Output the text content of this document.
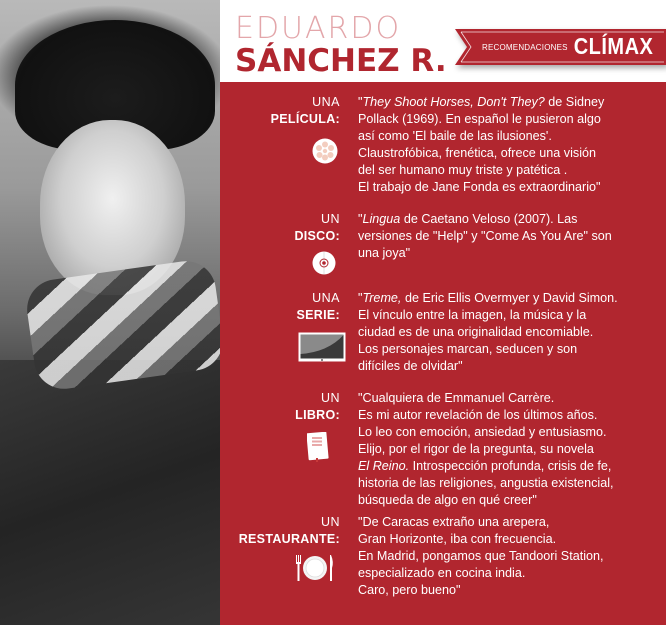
EDUARDO
SÁNCHEZ R.	RECOMENDACIONES CLÍMAX
UNA
PELÍCULA:
"They Shoot Horses, Don't They? de Sidney
Pollack (1969). En español le pusieron algo
así como 'El baile de las ilusiones'.
Claustrofóbica, frenética, ofrece una visión
del ser humano muy triste y patética .
El trabajo de Jane Fonda es extraordinario"
UN
DISCO:
"Lingua de Caetano Veloso (2007). Las
versiones de "Help" y "Come As You Are" son
una joya"
UNA
SERIE:
"Treme, de Eric Ellis Overmyer y David Simon.
El vínculo entre la imagen, la música y la
ciudad es de una originalidad encomiable.
Los personajes marcan, seducen y son
difíciles de olvidar"
UN
LIBRO:
"Cualquiera de Emmanuel Carrère.
Es mi autor revelación de los últimos años.
Lo leo con emoción, ansiedad y entusiasmo.
Elijo, por el rigor de la pregunta, su novela
El Reino. Introspección profunda, crisis de fe,
historia de las religiones, angustia existencial,
búsqueda de algo en qué creer"
UN
RESTAURANTE:
"De Caracas extraño una arepera,
Gran Horizonte, iba con frecuencia.
En Madrid, pongamos que Tandoori Station,
especializado en cocina india.
Caro, pero bueno"
